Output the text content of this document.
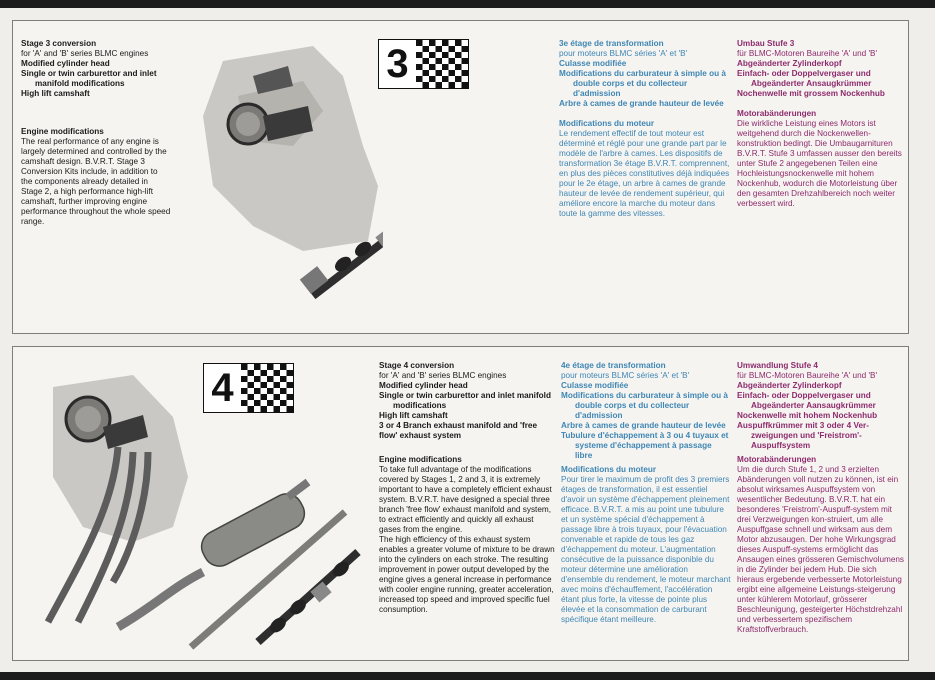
Stage 3 conversion
for 'A' and 'B' series BLMC engines
Modified cylinder head
Single or twin carburettor and inlet manifold modifications
High lift camshaft
Engine modifications

The real performance of any engine is largely determined and controlled by the camshaft design. B.V.R.T. Stage 3 Conversion Kits include, in addition to the components already detailed in Stage 2, a high performance high-lift camshaft, further improving engine performance throughout the whole speed range.

3	3e étage de transformation
pour moteurs BLMC séries 'A' et 'B'
Culasse modifiée
Modifications du carburateur à simple ou à double corps et du collecteur d'admission
Arbre à cames de grande hauteur de levée
Modifications du moteur

Le rendement effectif de tout moteur est déterminé et réglé pour une grande part par le modèle de l'arbre à cames. Les dispositifs de transformation 3e étage B.V.R.T. comprennent, en plus des pièces constitutives déjà indiquées pour le 2e étage, un arbre à cames de grande hauteur de levée de rendement supérieur, qui améliore encore la marche du moteur dans toute la gamme des vitesses.

Umbau Stufe 3
für BLMC-Motoren Baureihe 'A' und 'B'
Abgeänderter Zylinderkopf
Einfach- oder Doppelvergaser und Abgeänderter Ansaugkrümmer
Nochenwelle mit grossem Nockenhub
Motorabänderungen

Die wirkliche Leistung eines Motors ist weitgehend durch die Nockenwellen-konstruktion bedingt. Die Umbaugarnituren B.V.R.T. Stufe 3 umfassen ausser den bereits unter Stufe 2 angegebenen Teilen eine Hochleistungsnockenwelle mit hohem Nockenhub, wodurch die Motorleistung über den gesamten Drehzahlbereich noch weiter verbessert wird.

4
Stage 4 conversion
for 'A' and 'B' series BLMC engines
Modified cylinder head
Single or twin carburettor and inlet manifold modifications
High lift camshaft
3 or 4 Branch exhaust manifold and 'free flow' exhaust system
Engine modifications

To take full advantage of the modifications covered by Stages 1, 2 and 3, it is extremely important to have a completely efficient exhaust system. B.V.R.T. have designed a special three branch 'free flow' exhaust manifold and system, to extract efficiently and quickly all exhaust gases from the engine.

The high efficiency of this exhaust system enables a greater volume of mixture to be drawn into the cylinders on each stroke. The resulting improvement in power output developed by the engine gives a general increase in performance with cooler engine running, greater acceleration, increased top speed and improved specific fuel consumption.

4e étage de transformation
pour moteurs BLMC séries 'A' et 'B'
Culasse modifiée
Modifications du carburateur à simple ou à double corps et du collecteur d'admission
Arbre à cames de grande hauteur de levée
Tubulure d'échappement à 3 ou 4 tuyaux et systeme d'échappement à passage libre
Modifications du moteur

Pour tirer le maximum de profit des 3 premiers étages de transformation, il est essentiel d'avoir un système d'échappement pleinement efficace. B.V.R.T. a mis au point une tubulure et un système spécial d'échappement à passage libre à trois tuyaux, pour l'évacuation convenable et rapide de tous les gaz d'échappement du moteur. L'augmentation consécutive de la puissance disponible du moteur détermine une amélioration d'ensemble du rendement, le moteur marchant avec moins d'échauffement, l'accélération étant plus forte, la vitesse de pointe plus élevée et la consommation de carburant spécifique étant meilleure.

Umwandlung Stufe 4
für BLMC-Motoren Baureihe 'A' und 'B'
Abgeänderter Zylinderkopf
Einfach- oder Doppelvergaser und Abgeänderter Aansaugkrümmer
Nockenwelle mit hohem Nockenhub
Auspuffkrümmer mit 3 oder 4 Ver-zweigungen und 'Freistrom'-Auspuffsystem
Motorabänderungen

Um die durch Stufe 1, 2 und 3 erzielten Abänderungen voll nutzen zu können, ist ein absolut wirksames Auspuffsystem von wesentlicher Bedeutung. B.V.R.T. hat ein besonderes 'Freistrom'-Auspuff-system mit drei Verzweigungen kon-struiert, um alle Auspuffgase schnell und wirksam aus dem Motor abzusaugen. Der hohe Wirkungsgrad dieses Auspuff-systems ermöglicht das Ansaugen eines grösseren Gemischvolumens in die Zylinder bei jedem Hub. Die sich hieraus ergebende verbesserte Motorleistung ergibt eine allgemeine Leistungs-steigerung unter kühlerem Motorlauf, grösserer Beschleunigung, gesteigerter Höchstdrehzahl und verbessertem spezifischem Kraftstoffverbrauch.
